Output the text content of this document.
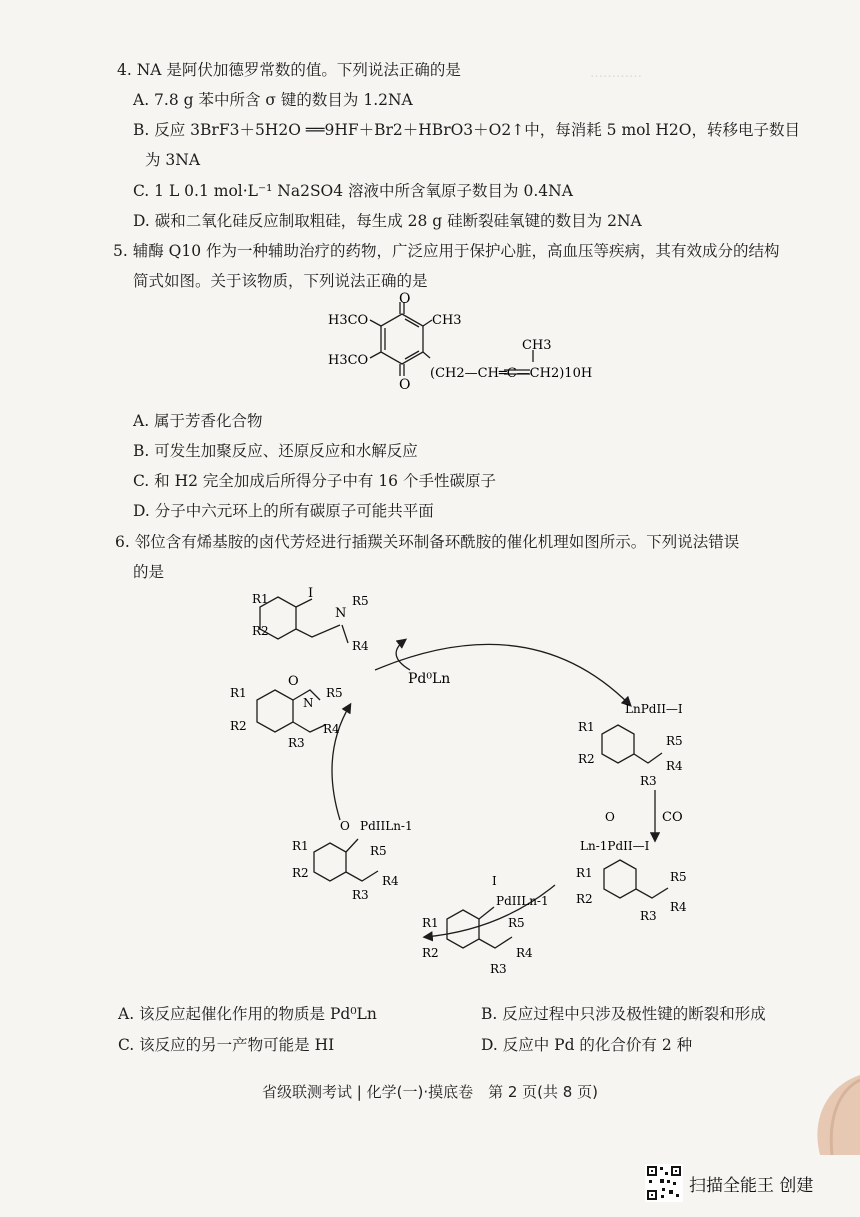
…………
4. NA 是阿伏加德罗常数的值。下列说法正确的是
A. 7.8 g 苯中所含 σ 键的数目为 1.2NA
B. 反应 3BrF3＋5H2O ══9HF＋Br2＋HBrO3＋O2↑中，每消耗 5 mol H2O，转移电子数目
为 3NA
C. 1 L 0.1 mol·L⁻¹ Na2SO4 溶液中所含氧原子数目为 0.4NA
D. 碳和二氧化硅反应制取粗硅，每生成 28 g 硅断裂硅氧键的数目为 2NA
5. 辅酶 Q10 作为一种辅助治疗的药物，广泛应用于保护心脏，高血压等疾病，其有效成分的结构
简式如图。关于该物质，下列说法正确的是
O
O
H3CO
H3CO
CH3
CH3
(CH2—CH═C—CH2)10H
A. 属于芳香化合物
B. 可发生加聚反应、还原反应和水解反应
C. 和 H2 完全加成后所得分子中有 16 个手性碳原子
D. 分子中六元环上的所有碳原子可能共平面
6. 邻位含有烯基胺的卤代芳烃进行插羰关环制备环酰胺的催化机理如图所示。下列说法错误
的是
R1
R2
I
N
R5
R4
Pd⁰Ln
O
R1
R2
N
R5
R4
R3
LnPdII—I
R1
R2
R5
R3
R4
CO
O
Ln-1PdII—I
R1
R2
R5
R4
R3
I
PdIILn-1
R1
R2
R5
R4
R3
O PdIILn-1
R1
R2
R5
R4
R3
A. 该反应起催化作用的物质是 Pd⁰Ln	B. 反应过程中只涉及极性键的断裂和形成
C. 该反应的另一产物可能是 HI	D. 反应中 Pd 的化合价有 2 种
省级联测考试 | 化学(一)·摸底卷　第 2 页(共 8 页)
扫描全能王 创建
